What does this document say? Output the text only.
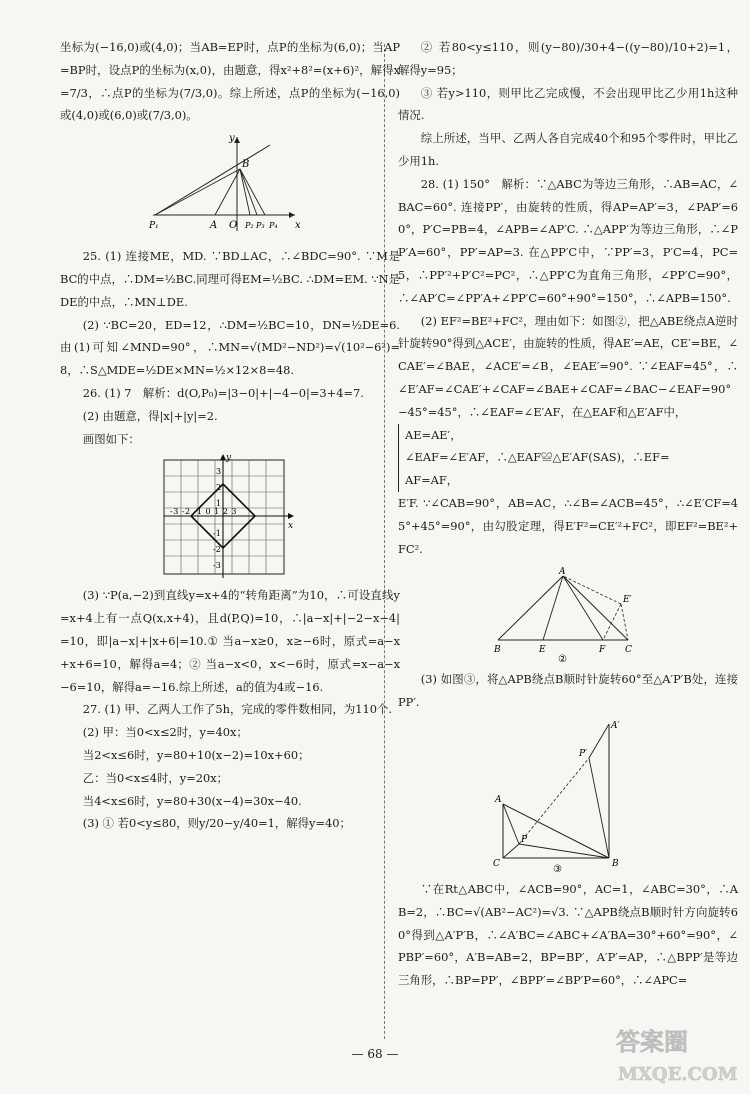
坐标为(−16,0)或(4,0)；当AB=EP时，点P的坐标为(6,0)；当AP=BP时，设点P的坐标为(x,0)，由题意，得x²+8²=(x+6)²，解得x=7/3，∴点P的坐标为(7/3,0)。综上所述，点P的坐标为(−16,0)或(4,0)或(6,0)或(7/3,0)。

y
x
B
A O
P₁	P₂ P₃ P₄

25. (1) 连接ME，MD. ∵BD⊥AC，∴∠BDC=90°. ∵M是BC的中点，∴DM=½BC.同理可得EM=½BC. ∴DM=EM. ∵N是DE的中点，∴MN⊥DE.

(2) ∵BC=20，ED=12，∴DM=½BC=10，DN=½DE=6. 由(1)可知∠MND=90°，∴MN=√(MD²−ND²)=√(10²−6²)=8，∴S△MDE=½DE×MN=½×12×8=48.

26. (1) 7　解析：d(O,P₀)=|3−0|+|−4−0|=3+4=7.

(2) 由题意，得|x|+|y|=2.

画图如下：

y
x
3
2
1
-1
-2
-3
-3 -2 -1 0 1 2 3

(3) ∵P(a,−2)到直线y=x+4的“转角距离”为10，∴可设直线y=x+4上有一点Q(x,x+4)，且d(P,Q)=10，∴|a−x|+|−2−x−4|=10，即|a−x|+|x+6|=10.① 当a−x≥0，x≥−6时，原式=a−x+x+6=10，解得a=4；② 当a−x<0，x<−6时，原式=x−a−x−6=10，解得a=−16.综上所述，a的值为4或−16.

27. (1) 甲、乙两人工作了5h，完成的零件数相同，为110个.

(2) 甲：当0<x≤2时，y=40x；

当2<x≤6时，y=80+10(x−2)=10x+60；

乙：当0<x≤4时，y=20x；

当4<x≤6时，y=80+30(x−4)=30x−40.

(3) ① 若0<y≤80，则y/20−y/40=1，解得y=40；

② 若80<y≤110，则(y−80)/30+4−((y−80)/10+2)=1，解得y=95；

③ 若y>110，则甲比乙完成慢，不会出现甲比乙少用1h这种情况.

综上所述，当甲、乙两人各自完成40个和95个零件时，甲比乙少用1h.

28. (1) 150°　解析：∵△ABC为等边三角形，∴AB=AC，∠BAC=60°. 连接PP′，由旋转的性质，得AP=AP′=3，∠PAP′=60°，P′C=PB=4，∠APB=∠AP′C. ∴△APP′为等边三角形，∴∠PP′A=60°，PP′=AP=3. 在△PP′C中，∵PP′=3，P′C=4，PC=5，∴PP′²+P′C²=PC²，∴△PP′C为直角三角形，∠PP′C=90°，∴∠AP′C=∠PP′A+∠PP′C=60°+90°=150°，∴∠APB=150°.

(2) EF²=BE²+FC²，理由如下：如图②，把△ABE绕点A逆时针旋转90°得到△ACE′，由旋转的性质，得AE′=AE，CE′=BE，∠CAE′=∠BAE，∠ACE′=∠B，∠EAE′=90°. ∵∠EAF=45°，∴∠E′AF=∠CAE′+∠CAF=∠BAE+∠CAF=∠BAC−∠EAF=90°−45°=45°，∴∠EAF=∠E′AF，在△EAF和△E′AF中，

AE=AE′，

∠EAF=∠E′AF，∴△EAF≌△E′AF(SAS)，∴EF=

AF=AF，

E′F. ∵∠CAB=90°，AB=AC，∴∠B=∠ACB=45°，∴∠E′CF=45°+45°=90°，由勾股定理，得E′F²=CE′²+FC²，即EF²=BE²+FC².

A
E′
B	E	F C
②

(3) 如图③，将△APB绕点B顺时针旋转60°至△A′P′B处，连接PP′.

A′
P′
A
P
C	B
③

∵在Rt△ABC中，∠ACB=90°，AC=1，∠ABC=30°，∴AB=2，∴BC=√(AB²−AC²)=√3. ∵△APB绕点B顺时针方向旋转60°得到△A′P′B，∴∠A′BC=∠ABC+∠A′BA=30°+60°=90°，∠PBP′=60°，A′B=AB=2，BP=BP′，A′P′=AP，∴△BPP′是等边三角形，∴BP=PP′，∠BPP′=∠BP′P=60°，∴∠APC=

— 68 —	答案圈
MXQE.COM
